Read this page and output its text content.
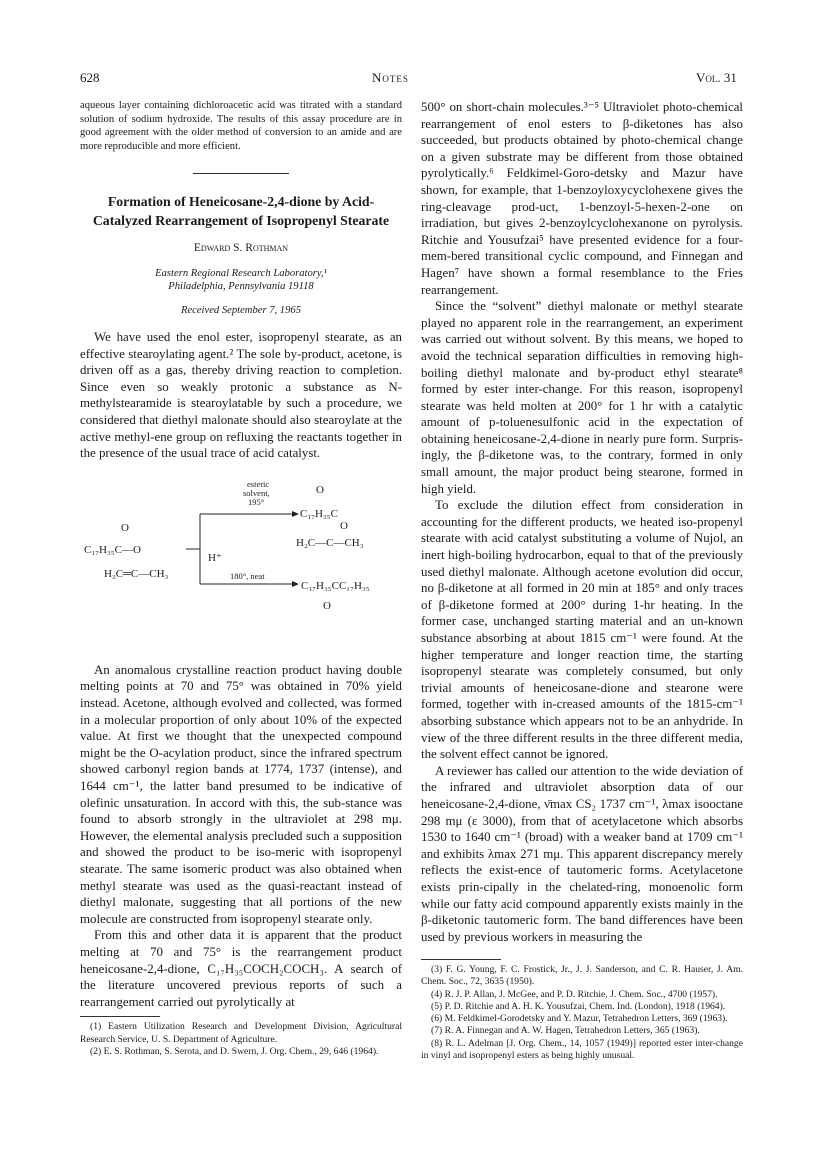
628	Notes	Vol. 31

aqueous layer containing dichloroacetic acid was titrated with a standard solution of sodium hydroxide. The results of this assay procedure are in good agreement with the older method of conversion to an amide and are more reproducible and more efficient.

Formation of Heneicosane-2,4-dione by Acid-Catalyzed Rearrangement of Isopropenyl Stearate
Edward S. Rothman
Eastern Regional Research Laboratory,¹
Philadelphia, Pennsylvania 19118
Received September 7, 1965

We have used the enol ester, isopropenyl stearate, as an effective stearoylating agent.² The sole by-product, acetone, is driven off as a gas, thereby driving reaction to completion. Since even so weakly protonic a substance as N-methylstearamide is stearoylatable by such a procedure, we considered that diethyl malonate should also stearoylate at the active methyl-ene group on refluxing the reactants together in the presence of the usual trace of acid catalyst.

esteric
solvent,
195°
O
C₁₇H₃₅C
O
H₂C—C—CH₃
O
C₁₇H₃₅C—O
H⁺
H₂C═C—CH₃	180°, neat
C₁₇H₃₅CC₁₇H₃₅
O

An anomalous crystalline reaction product having double melting points at 70 and 75° was obtained in 70% yield instead. Acetone, although evolved and collected, was formed in a molecular proportion of only about 10% of the expected value. At first we thought that the unexpected compound might be the O-acylation product, since the infrared spectrum showed carbonyl region bands at 1774, 1737 (intense), and 1644 cm⁻¹, the latter band presumed to be indicative of olefinic unsaturation. In accord with this, the sub-stance was found to absorb strongly in the ultraviolet at 298 mμ. However, the elemental analysis precluded such a supposition and showed the product to be iso-meric with isopropenyl stearate. The same isomeric product was also obtained when methyl stearate was used as the quasi-reactant instead of diethyl malonate, suggesting that all portions of the new molecule are constructed from isopropenyl stearate only.

From this and other data it is apparent that the product melting at 70 and 75° is the rearrangement product heneicosane-2,4-dione, C₁₇H₃₅COCH₂COCH₃. A search of the literature uncovered previous reports of such a rearrangement carried out pyrolytically at

(1) Eastern Utilization Research and Development Division, Agricultural Research Service, U. S. Department of Agriculture.

(2) E. S. Rothman, S. Serota, and D. Swern, J. Org. Chem., 29, 646 (1964).

500° on short-chain molecules.³⁻⁵ Ultraviolet photo-chemical rearrangement of enol esters to β-diketones has also succeeded, but products obtained by photo-chemical change on a given substrate may be different from those obtained pyrolytically.⁶ Feldkimel-Goro-detsky and Mazur have shown, for example, that 1-benzoyloxycyclohexene gives the ring-cleavage prod-uct, 1-benzoyl-5-hexen-2-one on irradiation, but gives 2-benzoylcyclohexanone on pyrolysis. Ritchie and Yousufzai⁵ have presented evidence for a four-mem-bered transitional cyclic compound, and Finnegan and Hagen⁷ have shown a formal resemblance to the Fries rearrangement.

Since the “solvent” diethyl malonate or methyl stearate played no apparent role in the rearrangement, an experiment was carried out without solvent. By this means, we hoped to avoid the technical separation difficulties in removing high-boiling diethyl malonate and by-product ethyl stearate⁸ formed by ester inter-change. For this reason, isopropenyl stearate was held molten at 200° for 1 hr with a catalytic amount of p-toluenesulfonic acid in the expectation of obtaining heneicosane-2,4-dione in nearly pure form. Surpris-ingly, the β-diketone was, to the contrary, formed in only small amount, the major product being stearone, formed in high yield.

To exclude the dilution effect from consideration in accounting for the different products, we heated iso-propenyl stearate with acid catalyst substituting a volume of Nujol, an inert high-boiling hydrocarbon, equal to that of the previously used diethyl malonate. Although acetone evolution did occur, no β-diketone at all formed in 20 min at 185° and only traces of β-diketone formed at 200° during 1-hr heating. In the former case, unchanged starting material and an un-known substance absorbing at about 1815 cm⁻¹ were found. At the higher temperature and longer reaction time, the starting isopropenyl stearate was completely consumed, but only trivial amounts of heneicosane-dione and stearone were formed, together with in-creased amounts of the 1815-cm⁻¹ absorbing substance which appears not to be an anhydride. In view of the three different results in the three different media, the solvent effect cannot be ignored.

A reviewer has called our attention to the wide deviation of the infrared and ultraviolet absorption data of our heneicosane-2,4-dione, ν̄max CS₂ 1737 cm⁻¹, λmax isooctane 298 mμ (ε 3000), from that of acetylacetone which absorbs 1530 to 1640 cm⁻¹ (broad) with a weaker band at 1709 cm⁻¹ and exhibits λmax 271 mμ. This apparent discrepancy merely reflects the exist-ence of tautomeric forms. Acetylacetone exists prin-cipally in the chelated-ring, monoenolic form while our fatty acid compound apparently exists mainly in the β-diketonic tautomeric form. The band differences have been used by previous workers in measuring the

(3) F. G. Young, F. C. Frostick, Jr., J. J. Sanderson, and C. R. Hauser, J. Am. Chem. Soc., 72, 3635 (1950).

(4) R. J. P. Allan, J. McGee, and P. D. Ritchie, J. Chem. Soc., 4700 (1957).

(5) P. D. Ritchie and A. H. K. Yousufzai, Chem. Ind. (London), 1918 (1964).

(6) M. Feldkimel-Gorodetsky and Y. Mazur, Tetrahedron Letters, 369 (1963).

(7) R. A. Finnegan and A. W. Hagen, Tetrahedron Letters, 365 (1963).

(8) R. L. Adelman [J. Org. Chem., 14, 1057 (1949)] reported ester inter-change in vinyl and isopropenyl esters as being highly unusual.
